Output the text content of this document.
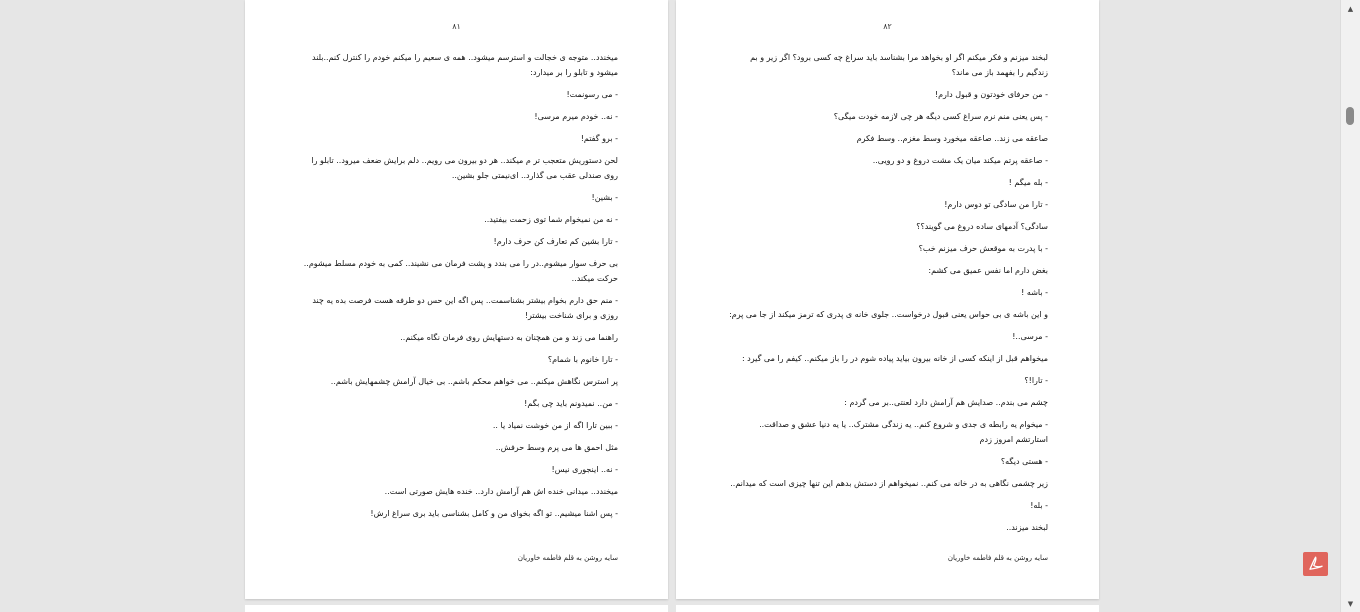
۸۱

میخندد.. متوجه ی خجالت و استرسم میشود.. همه ی سعیم را میکنم خودم را کنترل کنم..بلند میشود و تابلو را بر میدارد:

- می رسونمت!

- نه.. خودم میرم مرسی!

- برو گفتم!

لحن دستوریش متعجب تر م میکند.. هر دو بیرون می رویم.. دلم برایش ضعف میرود.. تابلو را روی صندلی عقب می گذارد.. ای‌نیمتی جلو بشین..

- بشین!

- نه من نمیخوام شما توی زحمت بیفتید..

- تارا بشین کم تعارف کن حرف دارم!

بی حرف سوار میشوم..در را می بندد و پشت فرمان می نشیند.. کمی به خودم مسلط میشوم.. حرکت میکند..

- منم حق دارم بخوام بیشتر بشناسمت.. پس اگه این حس دو طرفه هست فرصت بده یه چند روزی و برای شناخت بیشتر!

راهنما می زند و من همچنان به دستهایش روی فرمان نگاه میکنم..

- تارا خانوم با شمام؟

پر استرس نگاهش میکنم.. می خواهم محکم باشم.. بی خیال آرامش چشمهایش باشم..

- من.. نمیدونم باید چی بگم!

- ببین تارا اگه از من خوشت نمیاد یا ..

مثل احمق ها می پرم وسط حرفش..

- نه.. اینجوری نیس!

میخندد.. میدانی خنده اش هم آرامش دارد.. خنده هایش صورتی است..

- پس اشنا میشیم.. تو اگه بخوای من و کامل بشناسی باید بری سراغ ارش!

سایه روشن به قلم فاطمه خاوریان
۸۲

لبخند میزنم و فکر میکنم اگر او بخواهد مرا بشناسد باید سراغ چه کسی برود؟ اگر زیر و بم زندگیم را بفهمد باز می ماند؟

- من حرفای خودتون و قبول دارم!

- پس یعنی منم نرم سراغ کسی دیگه هر چی لازمه خودت میگی؟

صاعقه می زند.. صاعقه میخورد وسط مغزم.. وسط فکرم

- صاعقه پرتم میکند میان یک مشت دروغ و دو رویی..

- بله میگم !

- تارا من سادگی تو دوس دارم!

سادگی؟ آدمهای ساده دروغ می گویند؟؟

- با پدرت به موقعش حرف میزنم خب؟

بغض دارم اما نفس عمیق می کشم:

- باشه !

و این باشه ی بی حواس یعنی قبول درخواست.. جلوی خانه ی پدری که ترمز میکند از جا می پرم:

- مرسی..!

میخواهم قبل از اینکه کسی از خانه بیرون بیاید پیاده شوم در را باز میکنم.. کیفم را می گیرد :

- تارا!؟

چشم می بندم.. صدایش هم آرامش دارد لعنتی..بر می گردم :

- میخوام یه رابطه ی جدی و شروع کنم.. یه زندگی مشترک.. یا یه دنیا عشق و صداقت.. استارتشم امروز زدم

- هستی دیگه؟

زیر چشمی نگاهی به در خانه می کنم.. نمیخواهم از دستش بدهم این تنها چیزی است که میدانم..

- بله!

لبخند میزند..

سایه روشن به قلم فاطمه خاوریان
▲
▼
